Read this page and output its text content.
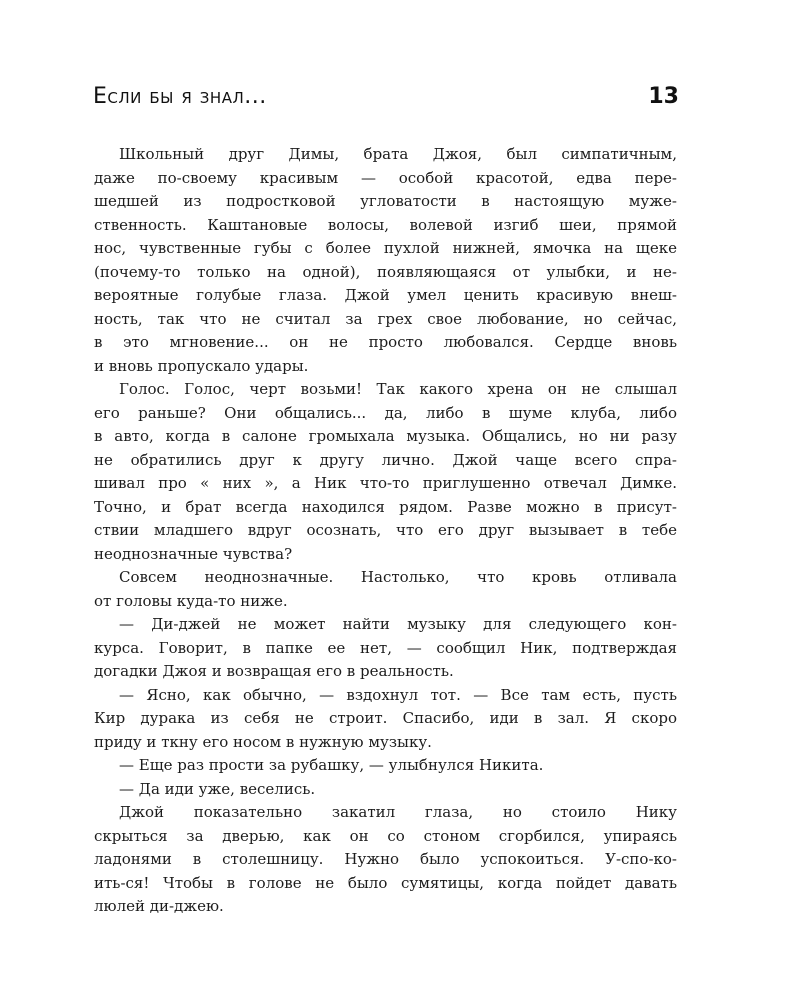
Если бы я знал...	13
Школьный друг Димы, брата Джоя, был симпатичным,
даже по-своему красивым — особой красотой, едва пере-
шедшей из подростковой угловатости в настоящую муже-
ственность. Каштановые волосы, волевой изгиб шеи, прямой
нос, чувственные губы с более пухлой нижней, ямочка на щеке
(почему-то только на одной), появляющаяся от улыбки, и не-
вероятные голубые глаза. Джой умел ценить красивую внеш-
ность, так что не считал за грех свое любование, но сейчас,
в это мгновение... он не просто любовался. Сердце вновь
и вновь пропускало удары.
Голос. Голос, черт возьми! Так какого хрена он не слышал
его раньше? Они общались... да, либо в шуме клуба, либо
в авто, когда в салоне громыхала музыка. Общались, но ни разу
не обратились друг к другу лично. Джой чаще всего спра-
шивал про « них », а Ник что-то приглушенно отвечал Димке.
Точно, и брат всегда находился рядом. Разве можно в присут-
ствии младшего вдруг осознать, что его друг вызывает в тебе
неоднозначные чувства?
Совсем неоднозначные. Настолько, что кровь отливала
от головы куда-то ниже.
— Ди-джей не может найти музыку для следующего кон-
курса. Говорит, в папке ее нет, — сообщил Ник, подтверждая
догадки Джоя и возвращая его в реальность.
— Ясно, как обычно, — вздохнул тот. — Все там есть, пусть
Кир дурака из себя не строит. Спасибо, иди в зал. Я скоро
приду и ткну его носом в нужную музыку.
— Еще раз прости за рубашку, — улыбнулся Никита.
— Да иди уже, веселись.
Джой показательно закатил глаза, но стоило Нику
скрыться за дверью, как он со стоном сгорбился, упираясь
ладонями в столешницу. Нужно было успокоиться. У-спо-ко-
ить-ся! Чтобы в голове не было сумятицы, когда пойдет давать
люлей ди-джею.
